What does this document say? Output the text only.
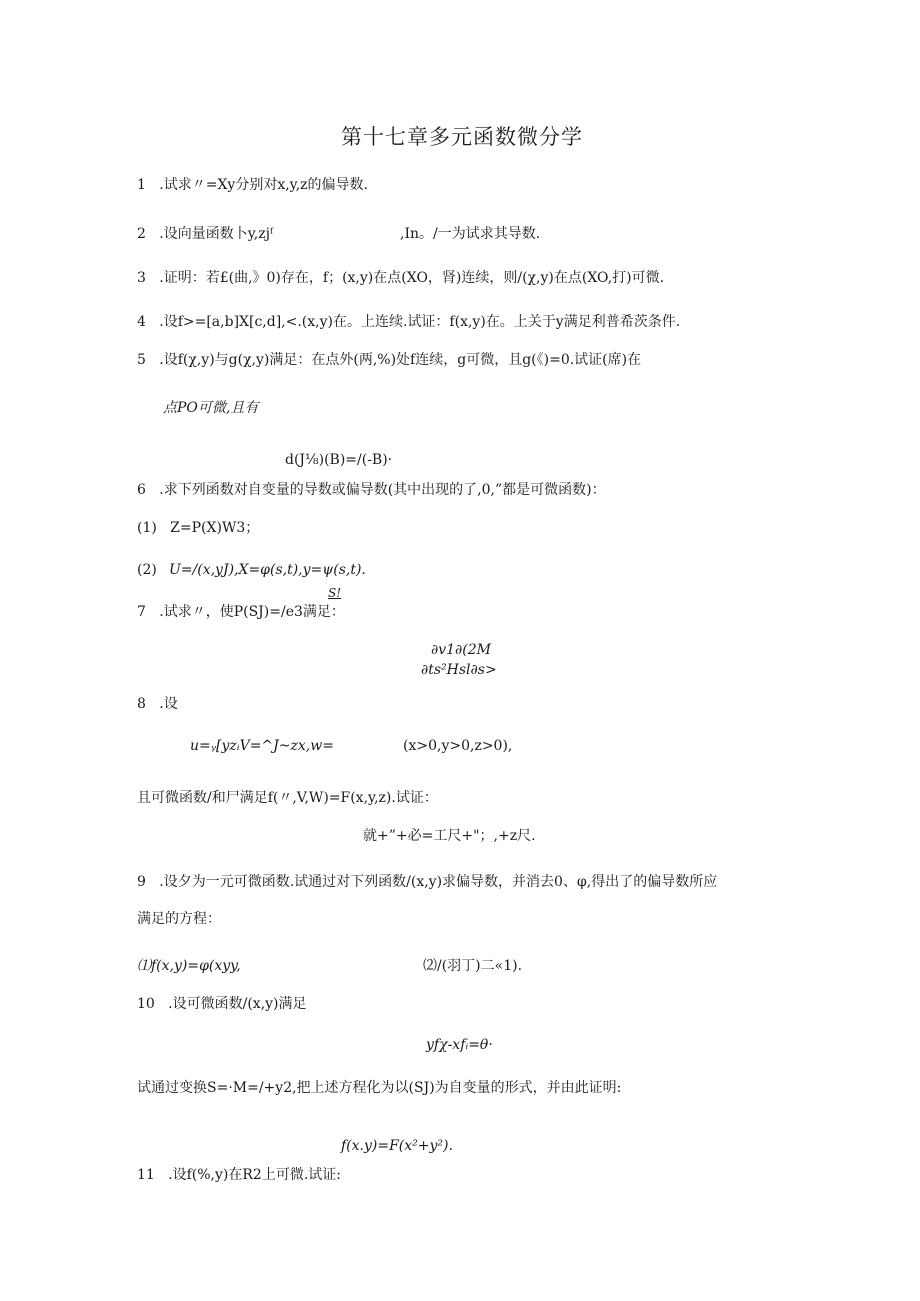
第十七章多元函数微分学
1   .试求〃=Xy分别对x,y,z的偏导数.
2   .设向量函数卜y,zjᶠ	,In。/一为试求其导数.
3   .证明：若£(曲,》0)存在，f；(x,y)在点(XO，肾)连续，则/(χ,y)在点(XO,打)可微.
4   .设f>=[a,b]X[c,d],<.(x,y)在。上连续.试证：f(x,y)在。上关于y满足利普希茨条件.
5   .设f(χ,y)与g(χ,y)满足：在点外(两,%)处f连续，g可微，且g(《)=0.试证(席)在
点PO可微,且有
d(J⅛)(B)=/(-B)·
6   .求下列函数对自变量的导数或偏导数(其中出现的了,0,”都是可微函数)：
(1)   Z=P(X)W3；
(2)
U=/(x,yJ),X=φ(s,t),y=ψ(s,t).
S!
7   .试求〃，使P(SJ)=/e3满足：
∂v1∂(2M
∂ts²Hsl∂s>
8   .设
u=ᵧ[yzᵢV=^J~zx,w=	(x>0,y>0,z>0),
且可微函数/和尸满足f(〃,V,W)=F(x,y,z).试证：
就+”+必=工尺+"；,+z尺.
9   .设夕为一元可微函数.试通过对下列函数/(x,y)求偏导数，并消去0、φ,得出了的偏导数所应
满足的方程：
⑴f(x,y)=φ(xyy,	⑵/(羽丁)二«1).
10   .设可微函数/(x,y)满足
yfχ-xfᵢ=θ·
试通过变换S=·M=/+y2,把上述方程化为以(SJ)为自变量的形式，并由此证明:
f(x.y)=F(x²+y²).
11   .设f(%,y)在R2上可微.试证:
